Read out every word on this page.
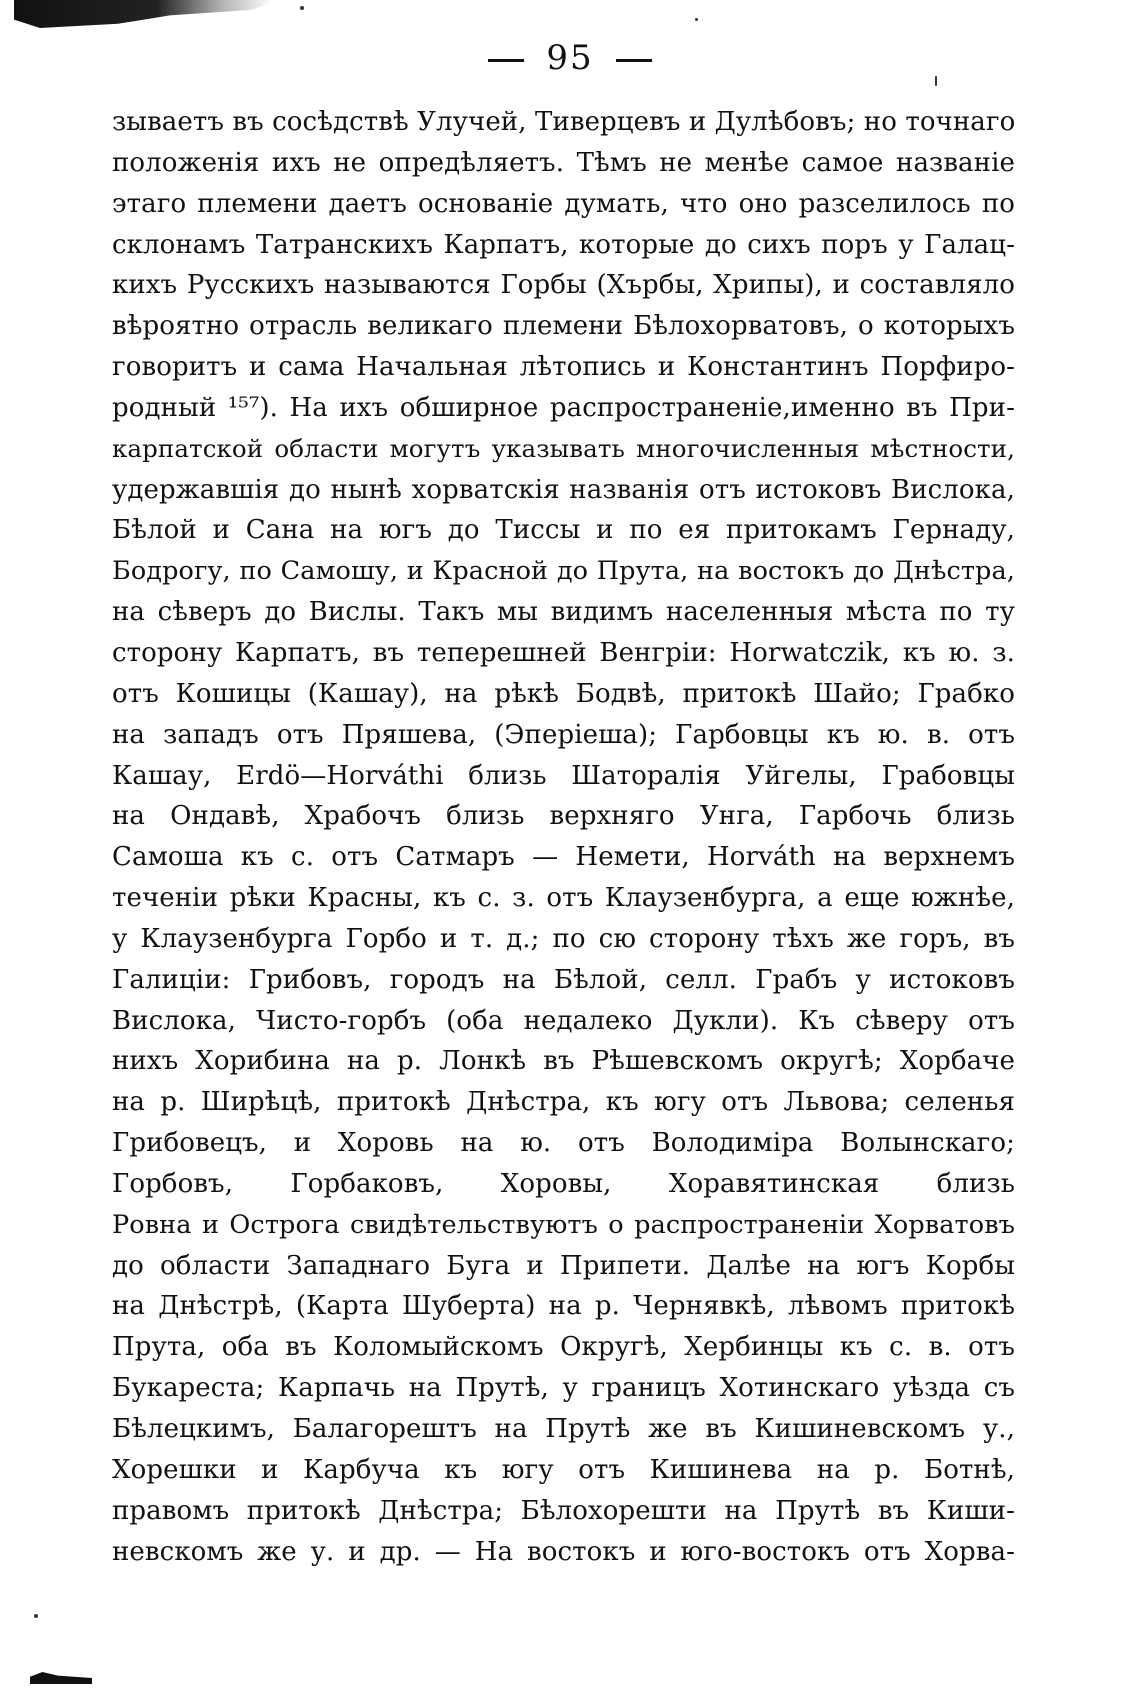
95
зываетъ въ сосѣдствѣ Улучей, Тиверцевъ и Дулѣбовъ; но точнаго
положенія ихъ не опредѣляетъ. Тѣмъ не менѣе самое названіе
этаго племени даетъ основаніе думать, что оно разселилось по
склонамъ Татранскихъ Карпатъ, которые до сихъ поръ у Галац-
кихъ Русскихъ называются Горбы (Хърбы, Хрипы), и составляло
вѣроятно отрасль великаго племени Бѣлохорватовъ, о которыхъ
говоритъ и сама Начальная лѣтопись и Константинъ Порфиро-
родный ¹⁵⁷). На ихъ обширное распространеніе,именно въ При-
карпатской области могутъ указывать многочисленныя мѣстности,
удержавшія до нынѣ хорватскія названія отъ истоковъ Вислока,
Бѣлой и Сана на югъ до Тиссы и по ея притокамъ Гернаду,
Бодрогу, по Самошу, и Красной до Прута, на востокъ до Днѣстра,
на сѣверъ до Вислы. Такъ мы видимъ населенныя мѣста по ту
сторону Карпатъ, въ теперешней Венгріи: Horwatczik, къ ю. з.
отъ Кошицы (Кашау), на рѣкѣ Бодвѣ, притокѣ Шайо; Грабко
на западъ отъ Пряшева, (Эперіеша); Гарбовцы къ ю. в. отъ
Кашау, Erdö—Horváthi близь Шаторалія Уйгелы, Грабовцы
на Ондавѣ, Храбочъ близь верхняго Унга, Гарбочь близь
Самоша къ с. отъ Сатмаръ — Немети, Horváth на верхнемъ
теченіи рѣки Красны, къ с. з. отъ Клаузенбурга, а еще южнѣе,
у Клаузенбурга Горбо и т. д.; по сю сторону тѣхъ же горъ, въ
Галиціи: Грибовъ, городъ на Бѣлой, селл. Грабъ у истоковъ
Вислока, Чисто-горбъ (оба недалеко Дукли). Къ сѣверу отъ
нихъ Хорибина на р. Лонкѣ въ Рѣшевскомъ округѣ; Хорбаче
на р. Ширѣцѣ, притокѣ Днѣстра, къ югу отъ Львова; селенья
Грибовецъ, и Хоровь на ю. отъ Володиміра Волынскаго;
Горбовъ, Горбаковъ, Хоровы, Хоравятинская близь
Ровна и Острога свидѣтельствуютъ о распространеніи Хорватовъ
до области Западнаго Буга и Припети. Далѣе на югъ Корбы
на Днѣстрѣ, (Карта Шуберта) на р. Чернявкѣ, лѣвомъ притокѣ
Прута, оба въ Коломыйскомъ Округѣ, Хербинцы къ с. в. отъ
Букареста; Карпачь на Прутѣ, у границъ Хотинскаго уѣзда съ
Бѣлецкимъ, Балагорештъ на Прутѣ же въ Кишиневскомъ у.,
Хорешки и Карбуча къ югу отъ Кишинева на р. Ботнѣ,
правомъ притокѣ Днѣстра; Бѣлохорешти на Прутѣ въ Киши-
невскомъ же у. и др. — На востокъ и юго-востокъ отъ Хорва-
